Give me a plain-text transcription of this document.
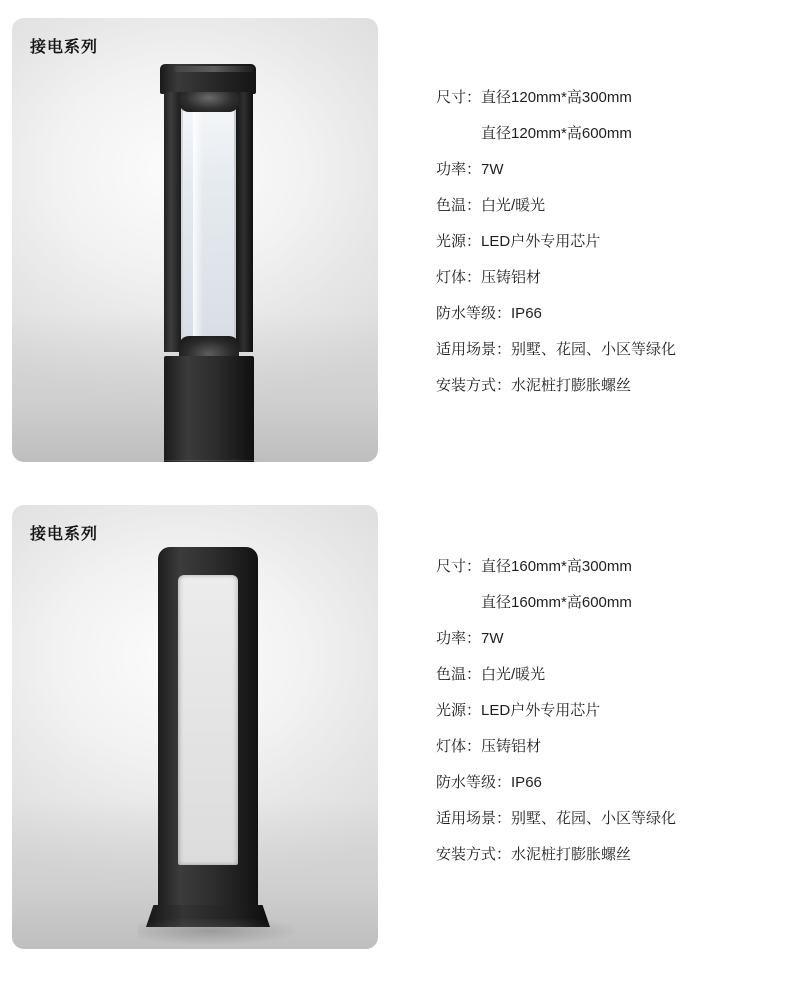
接电系列
尺寸： 直径120mm*高300mm
直径120mm*高600mm
功率： 7W
色温： 白光/暖光
光源： LED户外专用芯片
灯体： 压铸铝材
防水等级： IP66
适用场景： 别墅、花园、小区等绿化
安装方式： 水泥桩打膨胀螺丝
接电系列
尺寸： 直径160mm*高300mm
直径160mm*高600mm
功率： 7W
色温： 白光/暖光
光源： LED户外专用芯片
灯体： 压铸铝材
防水等级： IP66
适用场景： 别墅、花园、小区等绿化
安装方式： 水泥桩打膨胀螺丝
